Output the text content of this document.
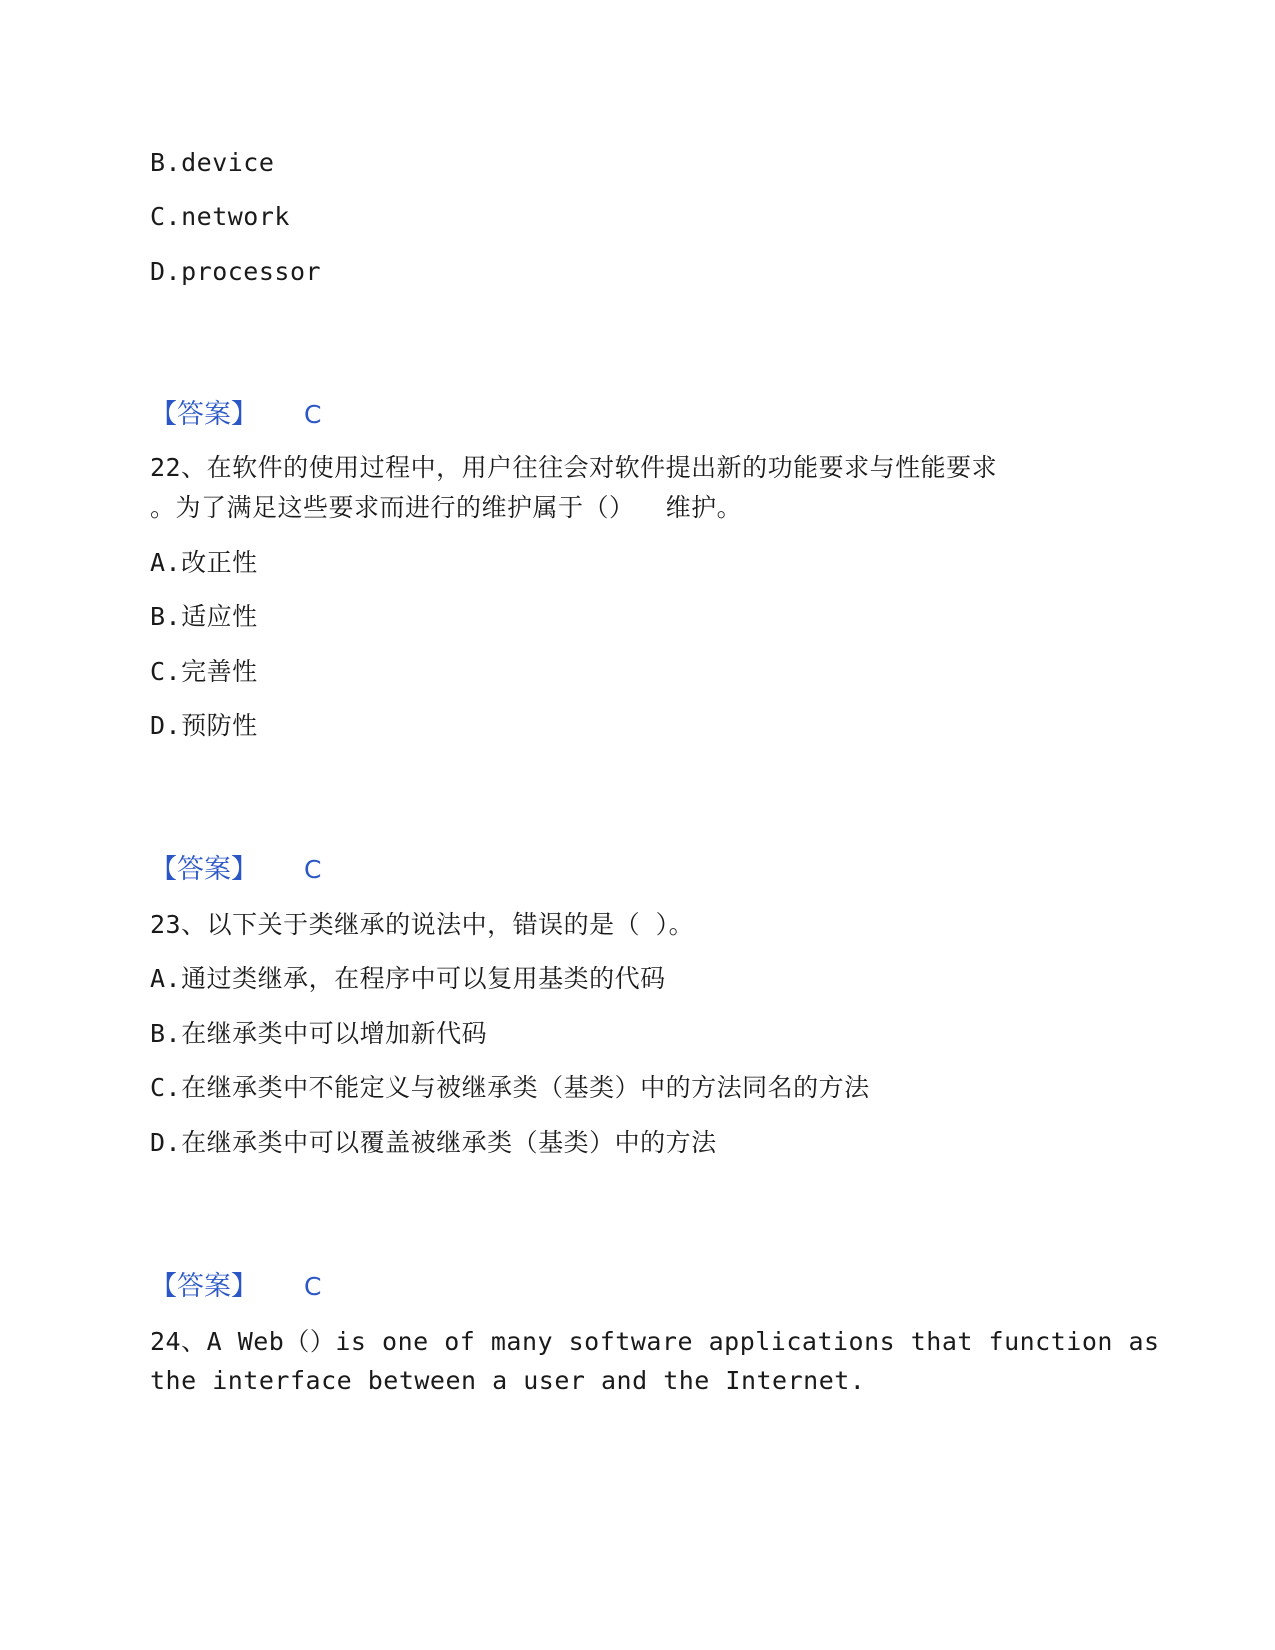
B.device
C.network
D.processor
【答案】 C
22、在软件的使用过程中，用户往往会对软件提出新的功能要求与性能要求
。为了满足这些要求而进行的维护属于（）  维护。
A.改正性
B.适应性
C.完善性
D.预防性
【答案】 C
23、以下关于类继承的说法中，错误的是（ ）。
A.通过类继承，在程序中可以复用基类的代码
B.在继承类中可以增加新代码
C.在继承类中不能定义与被继承类（基类）中的方法同名的方法
D.在继承类中可以覆盖被继承类（基类）中的方法
【答案】 C
24、A Web（）is one of many software applications that function as
the interface between a user and the Internet.
